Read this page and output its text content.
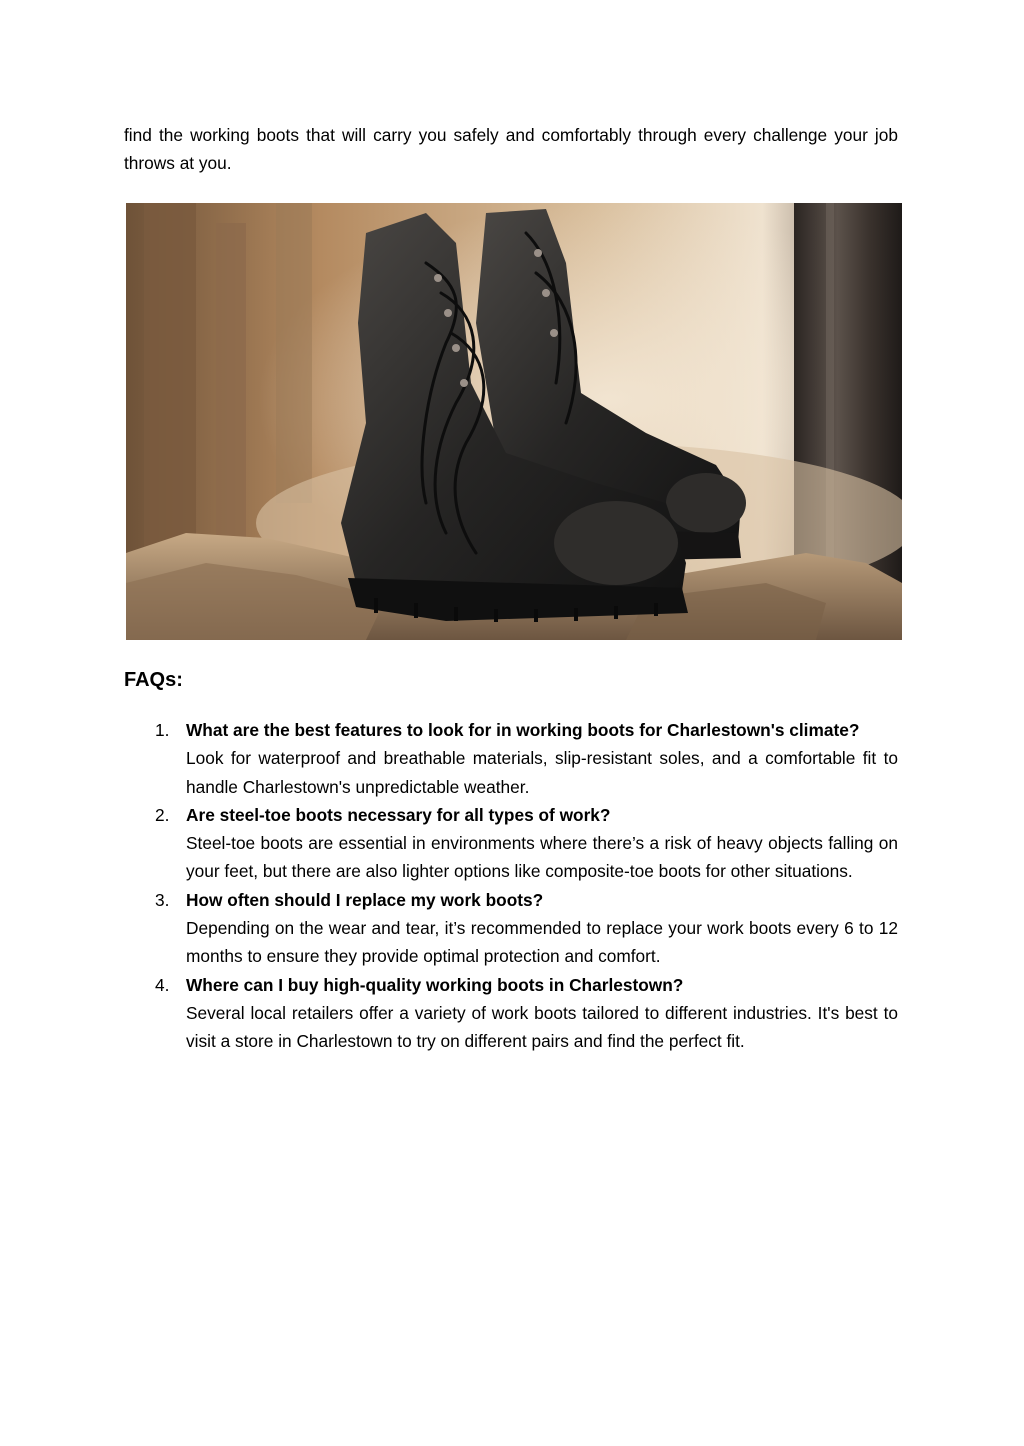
find the working boots that will carry you safely and comfortably through every challenge your job throws at you.

FAQs:
1. What are the best features to look for in working boots for Charlestown's climate?
Look for waterproof and breathable materials, slip-resistant soles, and a comfortable fit to handle Charlestown's unpredictable weather.
2. Are steel-toe boots necessary for all types of work?
Steel-toe boots are essential in environments where there’s a risk of heavy objects falling on your feet, but there are also lighter options like composite-toe boots for other situations.
3. How often should I replace my work boots?
Depending on the wear and tear, it’s recommended to replace your work boots every 6 to 12 months to ensure they provide optimal protection and comfort.
4. Where can I buy high-quality working boots in Charlestown?
Several local retailers offer a variety of work boots tailored to different industries. It's best to visit a store in Charlestown to try on different pairs and find the perfect fit.
